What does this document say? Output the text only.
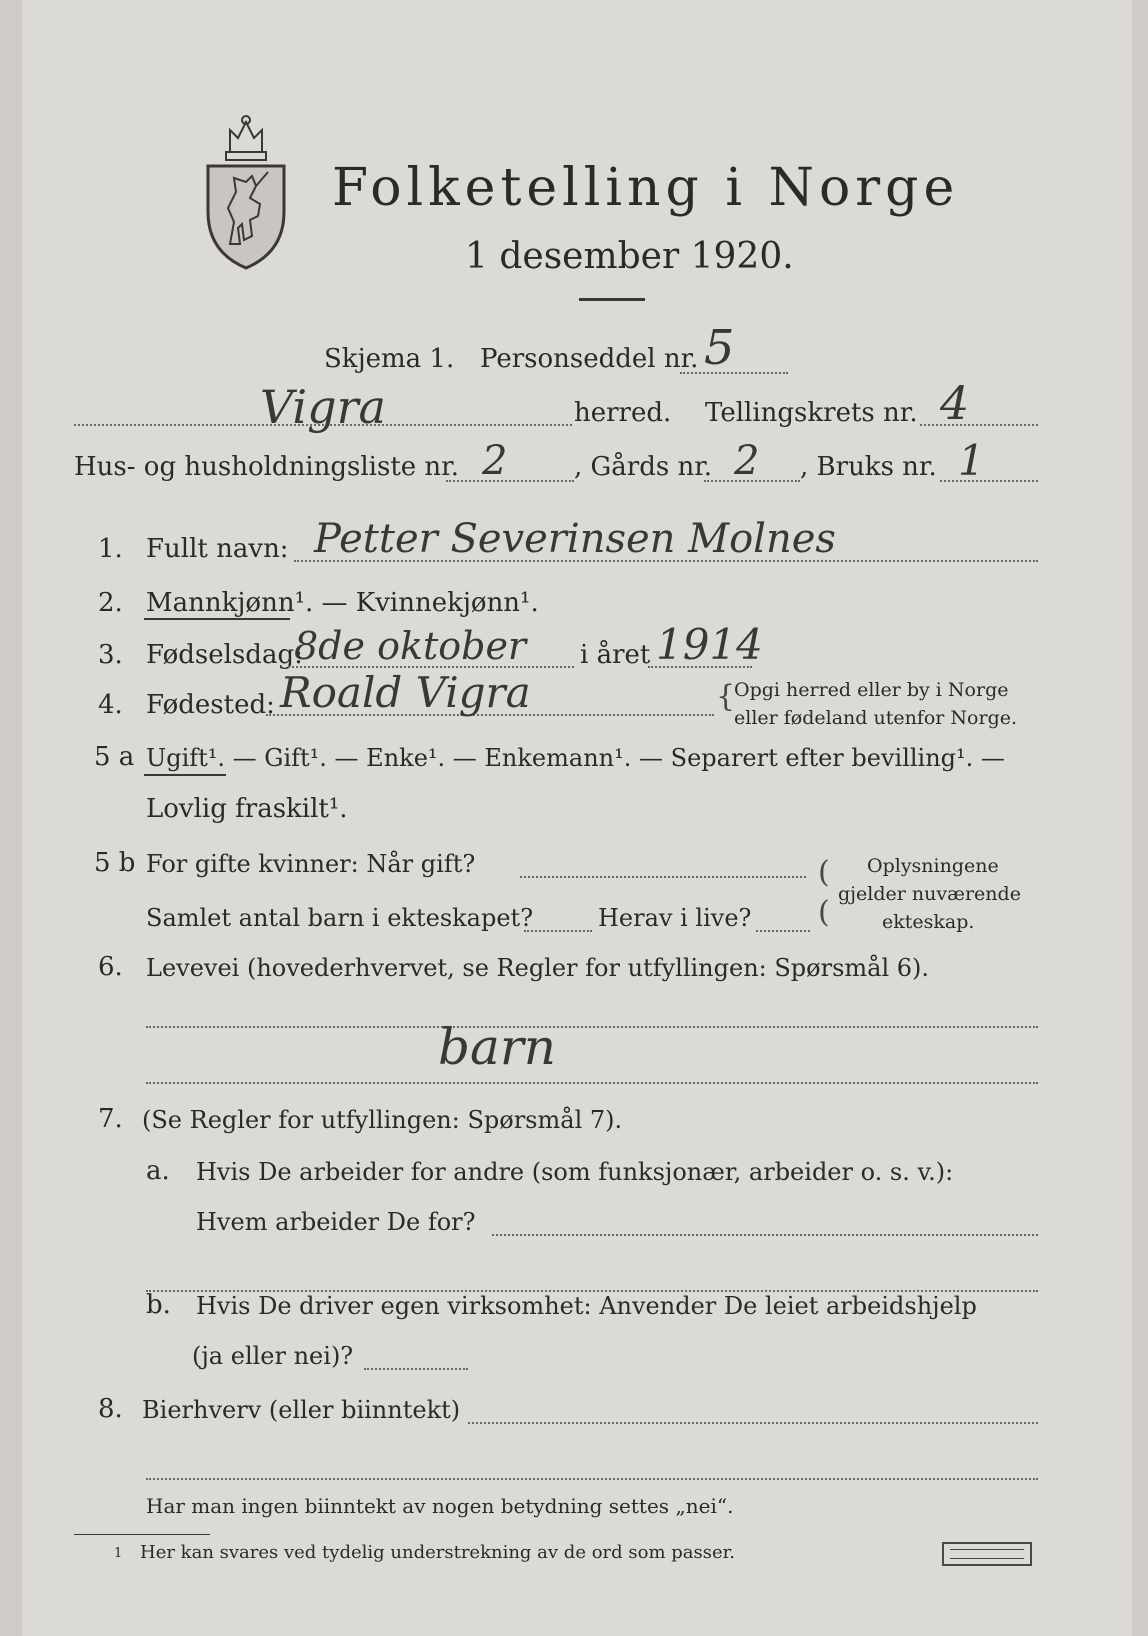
Folketelling i Norge
1 desember 1920.
Skjema 1. Personseddel nr. 5
Vigra	herred. Tellingskrets nr. 4
Hus- og husholdningsliste nr. 2	, Gårds nr. 2 , Bruks nr. 1
1. Fullt navn: Petter Severinsen Molnes
2. Mannkjønn¹. — Kvinnekjønn¹.
3. Fødselsdag:
8de oktober i året 1914
4. Fødested: Roald Vigra	{
Opgi herred eller by i Norge
eller fødeland utenfor Norge.
5 a Ugift¹. — Gift¹. — Enke¹. — Enkemann¹. — Separert efter bevilling¹. —
Lovlig fraskilt¹.
5 b For gifte kvinner: Når gift?
Samlet antal barn i ekteskapet?	Herav i live?
(
(
Oplysningene
gjelder nuværende
ekteskap.
6. Levevei (hovederhvervet, se Regler for utfyllingen: Spørsmål 6).
barn
7. (Se Regler for utfyllingen: Spørsmål 7).
a. Hvis De arbeider for andre (som funksjonær, arbeider o. s. v.):
Hvem arbeider De for?
b. Hvis De driver egen virksomhet: Anvender De leiet arbeidshjelp
(ja eller nei)?
8. Bierhverv (eller biinntekt)
Har man ingen biinntekt av nogen betydning settes „nei“.
1 Her kan svares ved tydelig understrekning av de ord som passer.
